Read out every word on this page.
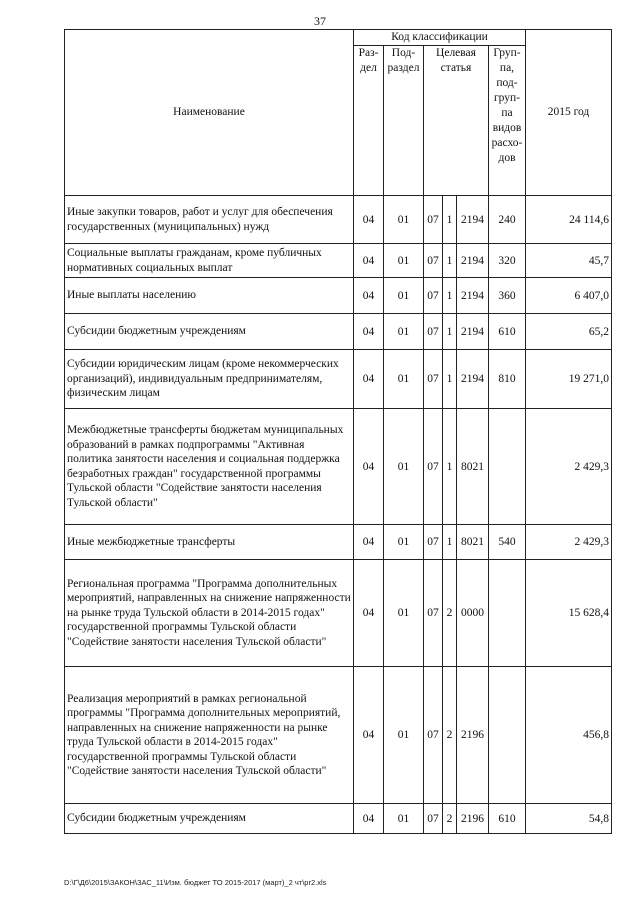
37
Наименование	Код классификации						2015 год
	Раз-дел	Под-раздел	Целевая статья			Груп-па, под-груп-па видов расхо-дов	
Иные закупки товаров, работ и услуг для обеспечения государственных (муниципальных) нужд	04	01	07	1	2194	240	24 114,6
Социальные выплаты гражданам, кроме публичных нормативных социальных выплат	04	01	07	1	2194	320	45,7
Иные выплаты населению	04	01	07	1	2194	360	6 407,0
Субсидии бюджетным учреждениям	04	01	07	1	2194	610	65,2
Субсидии юридическим лицам (кроме некоммерческих организаций), индивидуальным предпринимателям, физическим лицам	04	01	07	1	2194	810	19 271,0
Межбюджетные трансферты бюджетам муниципальных образований в рамках подпрограммы "Активная политика занятости населения и социальная поддержка безработных граждан" государственной программы Тульской области "Содействие занятости населения Тульской области"	04	01	07	1	8021		2 429,3
Иные межбюджетные трансферты	04	01	07	1	8021	540	2 429,3
Региональная программа "Программа дополнительных мероприятий, направленных на снижение напряженности на рынке труда Тульской области в 2014-2015 годах" государственной программы Тульской области "Содействие занятости населения Тульской области"	04	01	07	2	0000		15 628,4
Реализация мероприятий в рамках региональной программы "Программа дополнительных мероприятий, направленных на снижение напряженности на рынке труда Тульской области в 2014-2015 годах" государственной программы Тульской области "Содействие занятости населения Тульской области"	04	01	07	2	2196		456,8
Субсидии бюджетным учреждениям	04	01	07	2	2196	610	54,8
D:\Г\Д6\2015\ЗАКОН\ЗАС_11\Изм. бюджет ТО 2015-2017 (март)_2 чт\pr2.xls
